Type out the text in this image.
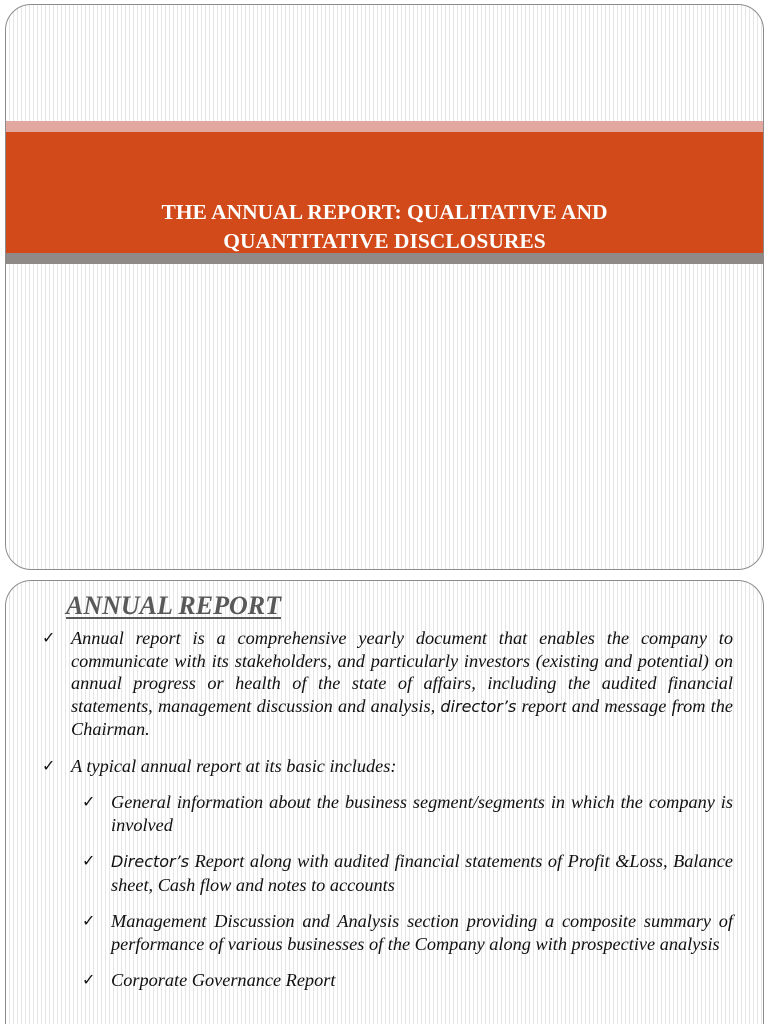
THE ANNUAL REPORT: QUALITATIVE AND
QUANTITATIVE DISCLOSURES
ANNUAL REPORT
✓ Annual report is a comprehensive yearly document that enables the company to communicate with its stakeholders, and particularly investors (existing and potential) on annual progress or health of the state of affairs, including the audited financial statements, management discussion and analysis, director’s report and message from the Chairman.
✓ A typical annual report at its basic includes:
✓ General information about the business segment/segments in which the company is involved
✓ Director’s Report along with audited financial statements of Profit &Loss, Balance sheet, Cash flow and notes to accounts
✓ Management Discussion and Analysis section providing a composite summary of performance of various businesses of the Company along with prospective analysis
✓ Corporate Governance Report
